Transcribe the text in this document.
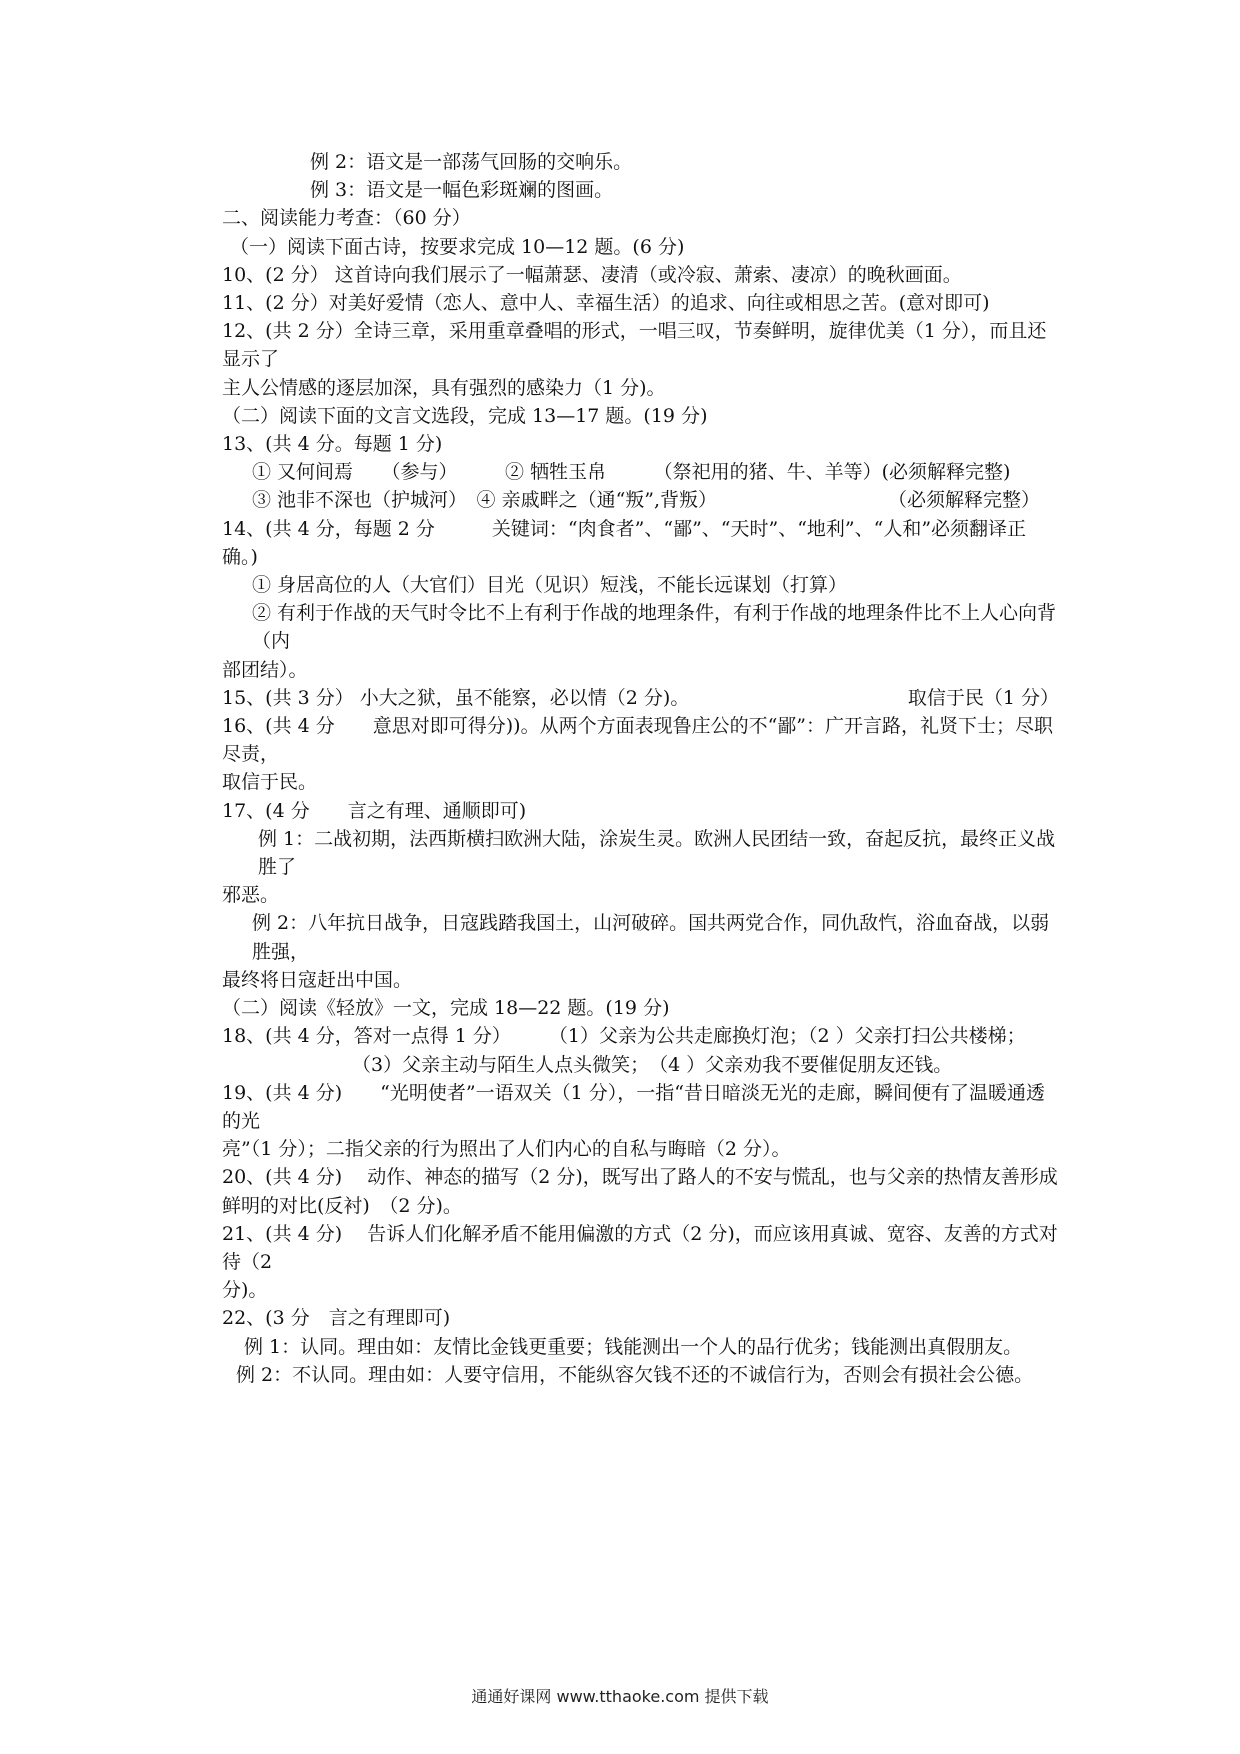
例 2：语文是一部荡气回肠的交响乐。
例 3：语文是一幅色彩斑斓的图画。
二、阅读能力考查：（60 分）
（一）阅读下面古诗，按要求完成 10—12 题。(6 分)
10、(2 分） 这首诗向我们展示了一幅萧瑟、凄清（或冷寂、萧索、凄凉）的晚秋画面。
11、(2 分）对美好爱情（恋人、意中人、幸福生活）的追求、向往或相思之苦。(意对即可)
12、(共 2 分）全诗三章，采用重章叠唱的形式，一唱三叹，节奏鲜明，旋律优美（1 分），而且还显示了
主人公情感的逐层加深，具有强烈的感染力（1 分)。
（二）阅读下面的文言文选段，完成 13—17 题。(19 分)
13、(共 4 分。每题 1 分)
① 又何间焉　　（参与）　　　② 牺牲玉帛　　　（祭祀用的猪、牛、羊等）(必须解释完整)
③ 池非不深也（护城河）　④ 亲戚畔之（通“叛”,背叛）　　　　　　　　　　（必须解释完整）
14、(共 4 分，每题 2 分　　　关键词：“肉食者”、“鄙”、“天时”、“地利”、“人和”必须翻译正确。)
① 身居高位的人（大官们）目光（见识）短浅，不能长远谋划（打算）
② 有利于作战的天气时令比不上有利于作战的地理条件，有利于作战的地理条件比不上人心向背（内
部团结）。
15、(共 3 分） 小大之狱，虽不能察，必以情（2 分)。　　　　　　　　　　　　取信于民（1 分）
16、(共 4 分　　意思对即可得分))。从两个方面表现鲁庄公的不“鄙”：广开言路，礼贤下士；尽职尽责，
取信于民。
17、(4 分　　言之有理、通顺即可)
例 1：二战初期，法西斯横扫欧洲大陆，涂炭生灵。欧洲人民团结一致，奋起反抗，最终正义战胜了
邪恶。
例 2：八年抗日战争，日寇践踏我国土，山河破碎。国共两党合作，同仇敌忾，浴血奋战，以弱胜强，
最终将日寇赶出中国。
（二）阅读《轻放》一文，完成 18—22 题。(19 分)
18、(共 4 分，答对一点得 1 分）　　　（1）父亲为公共走廊换灯泡；（2 ）父亲打扫公共楼梯；
（3）父亲主动与陌生人点头微笑；　（4 ）父亲劝我不要催促朋友还钱。
19、(共 4 分)　　“光明使者”一语双关（1 分），一指“昔日暗淡无光的走廊，瞬间便有了温暖通透的光
亮”（1 分）；二指父亲的行为照出了人们内心的自私与晦暗（2 分）。
20、(共 4 分)　 动作、神态的描写（2 分)，既写出了路人的不安与慌乱，也与父亲的热情友善形成鲜明的对比(反衬)　（2 分)。
21、(共 4 分)　 告诉人们化解矛盾不能用偏激的方式（2 分)，而应该用真诚、宽容、友善的方式对待（2
分)。
22、(3 分　言之有理即可)
例 1：认同。理由如：友情比金钱更重要；钱能测出一个人的品行优劣；钱能测出真假朋友。
例 2：不认同。理由如：人要守信用，不能纵容欠钱不还的不诚信行为，否则会有损社会公德。
通通好课网 www.tthaoke.com 提供下载
